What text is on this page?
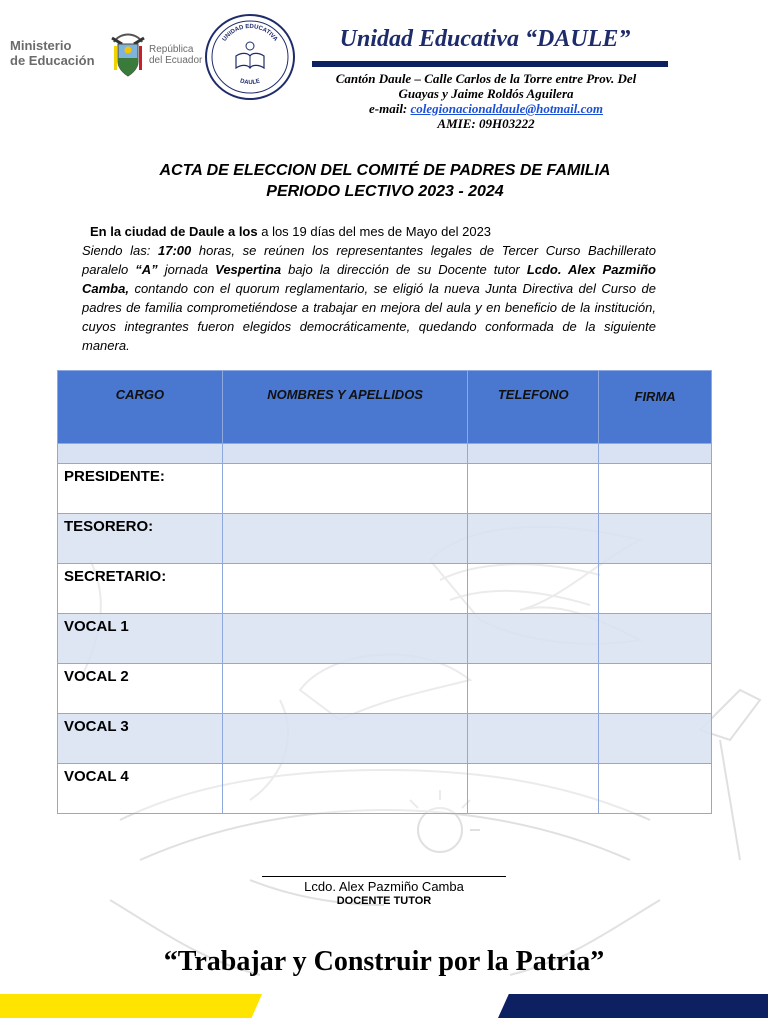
Ministerio
de Educación
República
del Ecuador
UNIDAD EDUCATIVA
DAULE
Unidad Educativa “DAULE”
Cantón Daule – Calle Carlos de la Torre entre Prov. Del
Guayas y Jaime Roldós Aguilera
e-mail: colegionacionaldaule@hotmail.com
AMIE: 09H03222
ACTA DE ELECCION DEL COMITÉ DE PADRES DE FAMILIA
PERIODO LECTIVO 2023 - 2024

En la ciudad de Daule a los a los 19 días del mes de Mayo del 2023

Siendo las: 17:00 horas, se reúnen los representantes legales de Tercer Curso Bachillerato paralelo “A” jornada Vespertina bajo la dirección de su Docente tutor Lcdo. Alex Pazmiño Camba, contando con el quorum reglamentario, se eligió la nueva Junta Directiva del Curso de padres de familia comprometiéndose a trabajar en mejora del aula y en beneficio de la institución, cuyos integrantes fueron elegidos democráticamente, quedando conformada de la siguiente manera.

CARGO	NOMBRES Y APELLIDOS	TELEFONO	FIRMA

PRESIDENTE:			
TESORERO:			
SECRETARIO:			
VOCAL 1			
VOCAL 2			
VOCAL 3			
VOCAL 4			
Lcdo. Alex Pazmiño Camba
DOCENTE TUTOR
“Trabajar y Construir por la Patria”
